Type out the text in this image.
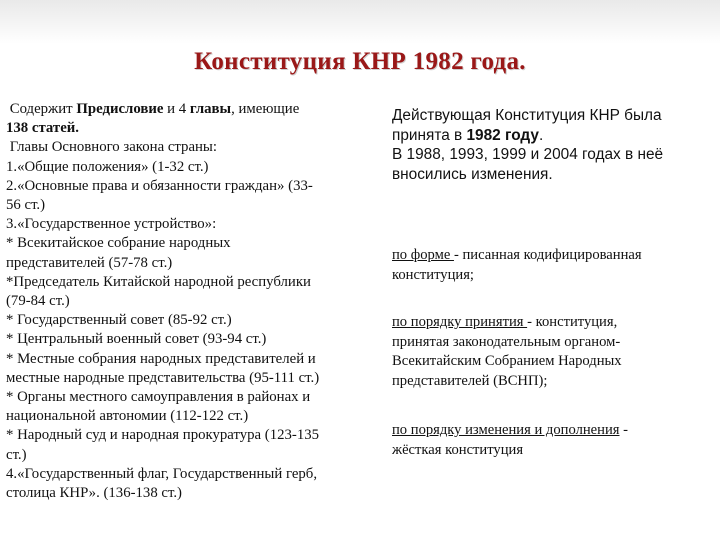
Конституция КНР 1982 года.
Содержит Предисловие и 4 главы, имеющие
138 статей.
Главы Основного закона страны:
1.«Общие положения» (1-32 ст.)
2.«Основные права и обязанности граждан» (33-
56 ст.)
3.«Государственное устройство»:
* Всекитайское собрание народных
представителей (57-78 ст.)
*Председатель Китайской народной республики
(79-84 ст.)
* Государственный совет (85-92 ст.)
* Центральный военный совет (93-94 ст.)
* Местные собрания народных представителей и
местные народные представительства (95-111 ст.)
* Органы местного самоуправления в районах и
национальной автономии (112-122 ст.)
* Народный суд и народная прокуратура (123-135
ст.)
4.«Государственный флаг, Государственный герб,
столица КНР». (136-138 ст.)
Действующая Конституция КНР была
принята в 1982 году.
В 1988, 1993, 1999 и 2004 годах в неё
вносились изменения.
по форме - писанная кодифицированная
конституция;
по порядку принятия - конституция,
принятая законодательным органом-
Всекитайским Собранием Народных
представителей (ВСНП);
по порядку изменения и дополнения -
жёсткая конституция
